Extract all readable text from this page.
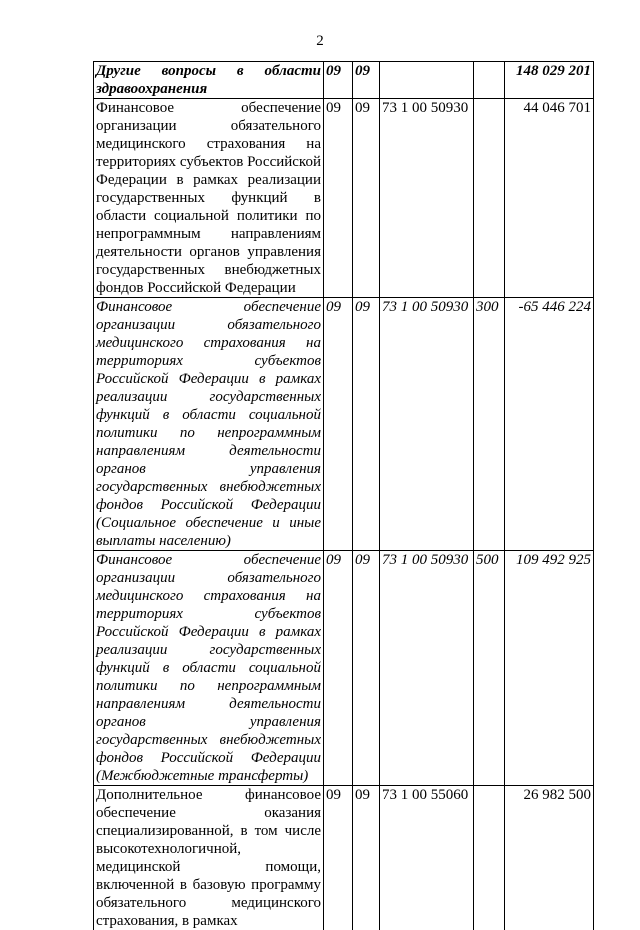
2
Другие вопросы в области здравоохранения	09	09			148 029 201
Финансовое обеспечение организации обязательного медицинского страхования на территориях субъектов Российской Федерации в рамках реализации государственных функций в области социальной политики по непрограммным направлениям деятельности органов управления государственных внебюджетных фондов Российской Федерации	09	09	73 1 00 50930		44 046 701
Финансовое обеспечение организации обязательного медицинского страхования на территориях субъектов Российской Федерации в рамках реализации государственных функций в области социальной политики по непрограммным направлениям деятельности органов управления государственных внебюджетных фондов Российской Федерации (Социальное обеспечение и иные выплаты населению)	09	09	73 1 00 50930	300	-65 446 224
Финансовое обеспечение организации обязательного медицинского страхования на территориях субъектов Российской Федерации в рамках реализации государственных функций в области социальной политики по непрограммным направлениям деятельности органов управления государственных внебюджетных фондов Российской Федерации (Межбюджетные трансферты)	09	09	73 1 00 50930	500	109 492 925
Дополнительное финансовое обеспечение оказания специализированной, в том числе высокотехнологичной, медицинской помощи, включенной в базовую программу обязательного медицинского страхования, в рамках	09	09	73 1 00 55060		26 982 500
